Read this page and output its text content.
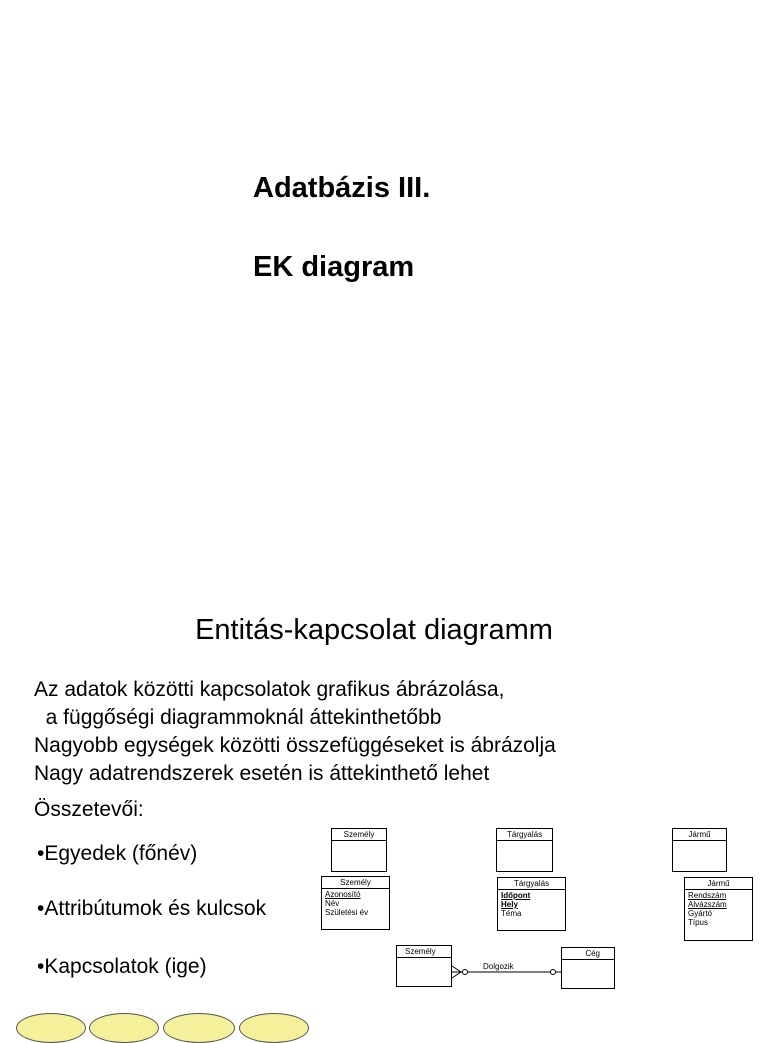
Adatbázis III.
EK diagram
Entitás-kapcsolat diagramm
Az adatok közötti kapcsolatok grafikus ábrázolása,
a függőségi diagrammoknál áttekinthetőbb
Nagyobb egységek közötti összefüggéseket is ábrázolja
Nagy adatrendszerek esetén is áttekinthető lehet
Összetevői:
•Egyedek (főnév)
•Attribútumok és kulcsok
•Kapcsolatok (ige)
Személy	Tárgyalás	Jármű
Személy
Azonosító
Név
Születési év
Tárgyalás
Időpont
Hely
Téma
Jármű
Rendszám
Alvázszám
Gyártó
Típus
Személy	Cég
Dolgozik
